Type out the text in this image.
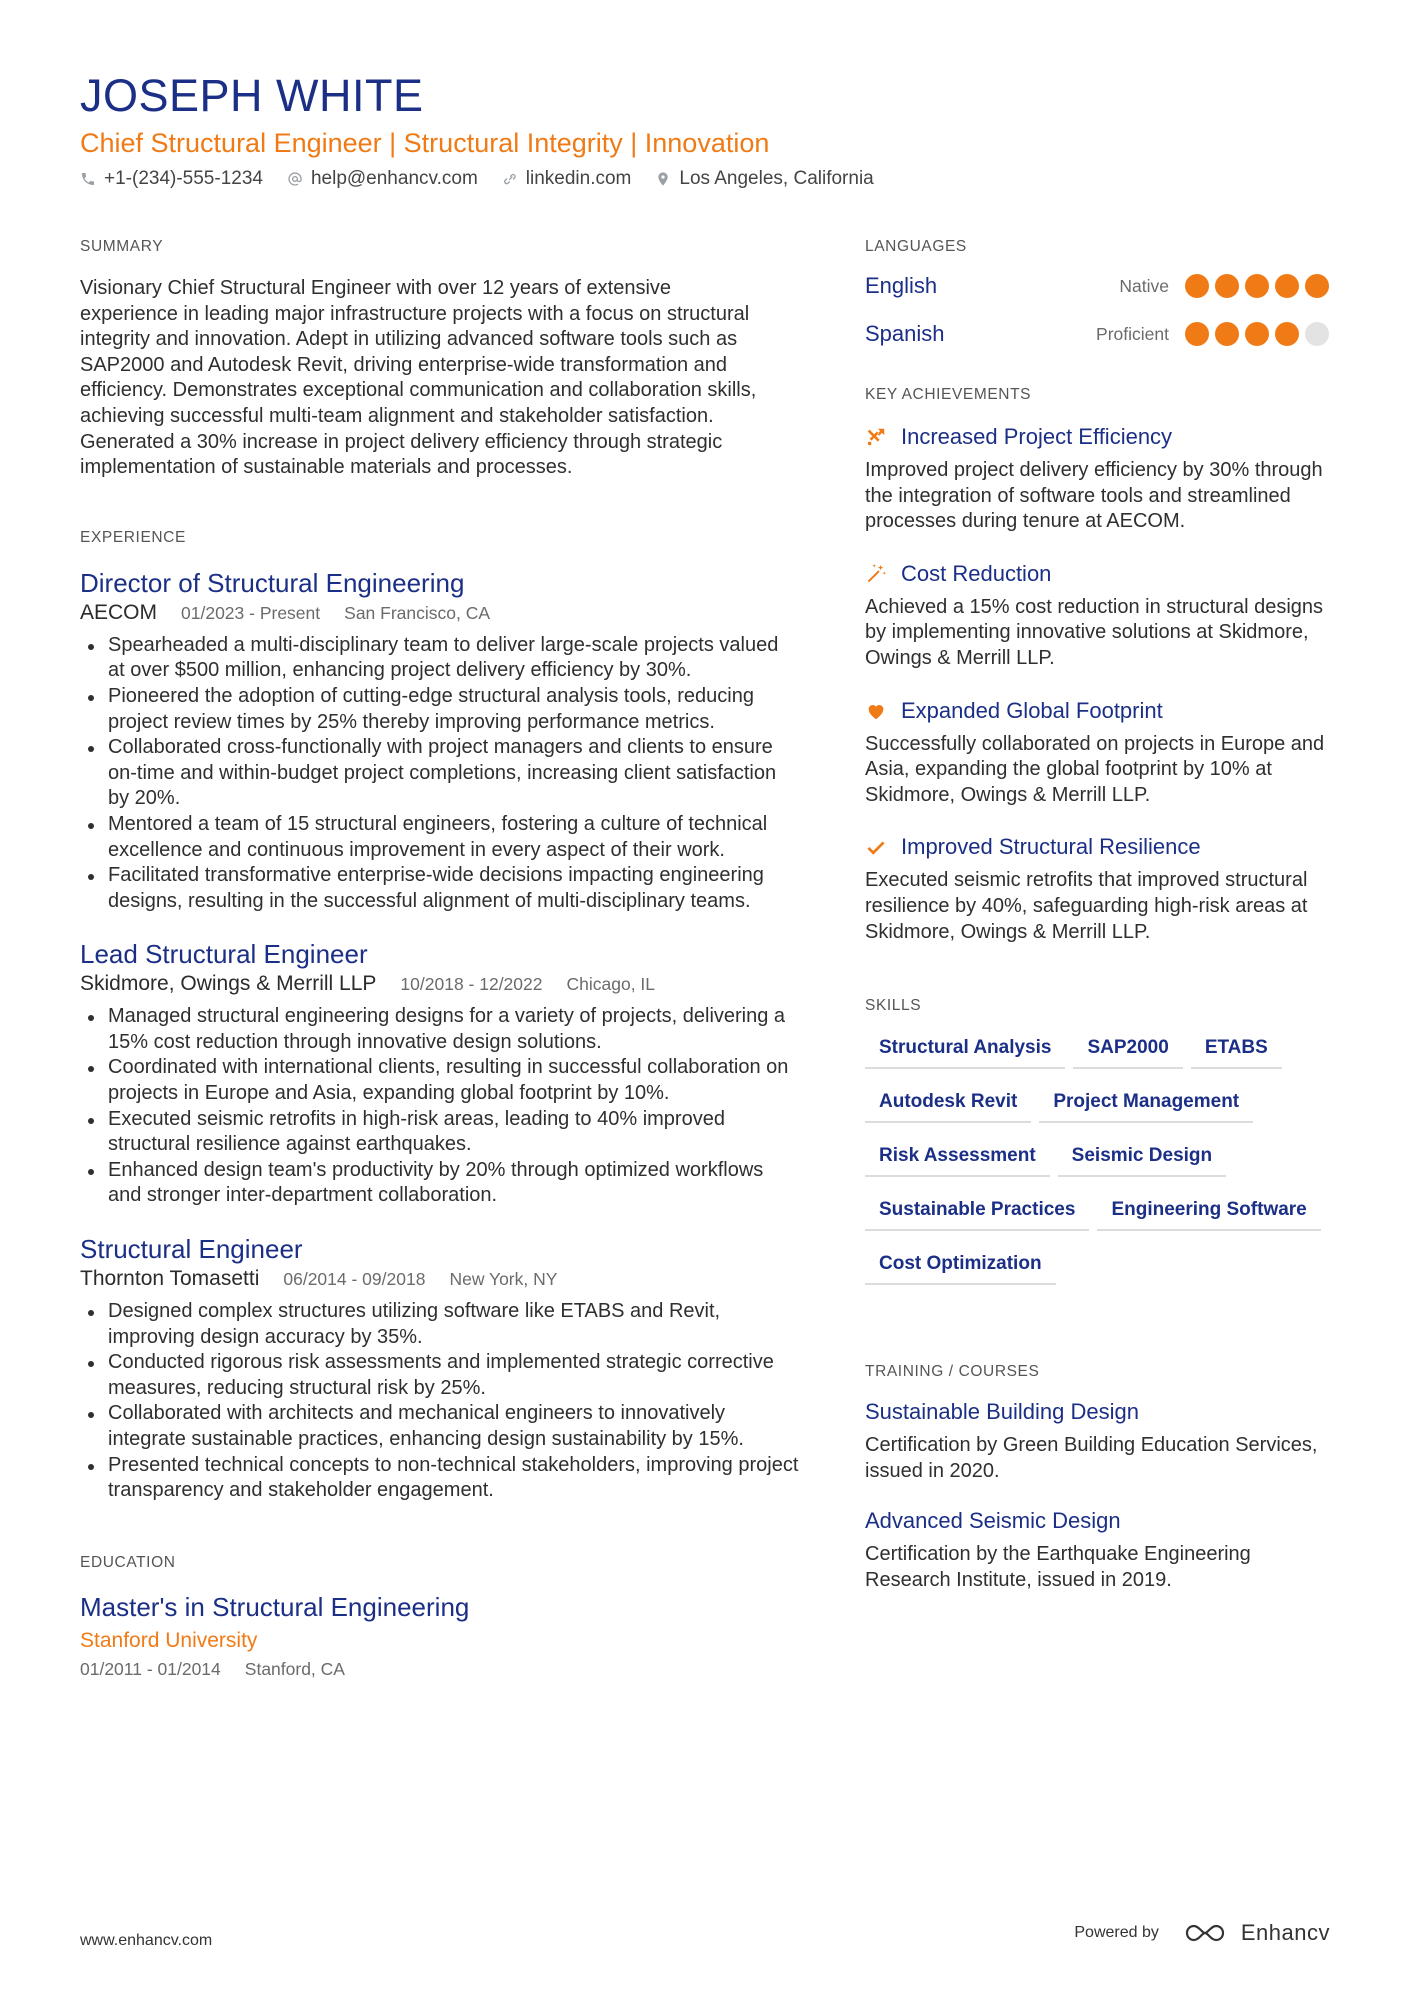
JOSEPH WHITE
Chief Structural Engineer | Structural Integrity | Innovation
+1-(234)-555-1234	help@enhancv.com	linkedin.com	Los Angeles, California
SUMMARY
Visionary Chief Structural Engineer with over 12 years of extensive experience in leading major infrastructure projects with a focus on structural integrity and innovation. Adept in utilizing advanced software tools such as SAP2000 and Autodesk Revit, driving enterprise-wide transformation and efficiency. Demonstrates exceptional communication and collaboration skills, achieving successful multi-team alignment and stakeholder satisfaction. Generated a 30% increase in project delivery efficiency through strategic implementation of sustainable materials and processes.
EXPERIENCE
Director of Structural Engineering
AECOM 01/2023 - Present San Francisco, CA
Spearheaded a multi-disciplinary team to deliver large-scale projects valued at over $500 million, enhancing project delivery efficiency by 30%.
Pioneered the adoption of cutting-edge structural analysis tools, reducing project review times by 25% thereby improving performance metrics.
Collaborated cross-functionally with project managers and clients to ensure on-time and within-budget project completions, increasing client satisfaction by 20%.
Mentored a team of 15 structural engineers, fostering a culture of technical excellence and continuous improvement in every aspect of their work.
Facilitated transformative enterprise-wide decisions impacting engineering designs, resulting in the successful alignment of multi-disciplinary teams.
Lead Structural Engineer
Skidmore, Owings & Merrill LLP 10/2018 - 12/2022 Chicago, IL
Managed structural engineering designs for a variety of projects, delivering a 15% cost reduction through innovative design solutions.
Coordinated with international clients, resulting in successful collaboration on projects in Europe and Asia, expanding global footprint by 10%.
Executed seismic retrofits in high-risk areas, leading to 40% improved structural resilience against earthquakes.
Enhanced design team's productivity by 20% through optimized workflows and stronger inter-department collaboration.
Structural Engineer
Thornton Tomasetti 06/2014 - 09/2018 New York, NY
Designed complex structures utilizing software like ETABS and Revit, improving design accuracy by 35%.
Conducted rigorous risk assessments and implemented strategic corrective measures, reducing structural risk by 25%.
Collaborated with architects and mechanical engineers to innovatively integrate sustainable practices, enhancing design sustainability by 15%.
Presented technical concepts to non-technical stakeholders, improving project transparency and stakeholder engagement.
EDUCATION
Master's in Structural Engineering
Stanford University
01/2011 - 01/2014 Stanford, CA
LANGUAGES
English	Native
Spanish	Proficient
KEY ACHIEVEMENTS
Increased Project Efficiency
Improved project delivery efficiency by 30% through the integration of software tools and streamlined processes during tenure at AECOM.
Cost Reduction
Achieved a 15% cost reduction in structural designs by implementing innovative solutions at Skidmore, Owings & Merrill LLP.
Expanded Global Footprint
Successfully collaborated on projects in Europe and Asia, expanding the global footprint by 10% at Skidmore, Owings & Merrill LLP.
Improved Structural Resilience
Executed seismic retrofits that improved structural resilience by 40%, safeguarding high-risk areas at Skidmore, Owings & Merrill LLP.
SKILLS
Structural Analysis	SAP2000	ETABS
Autodesk Revit	Project Management
Risk Assessment	Seismic Design
Sustainable Practices	Engineering Software
Cost Optimization
TRAINING / COURSES
Sustainable Building Design
Certification by Green Building Education Services, issued in 2020.
Advanced Seismic Design
Certification by the Earthquake Engineering Research Institute, issued in 2019.
www.enhancv.com	Powered by	Enhancv
